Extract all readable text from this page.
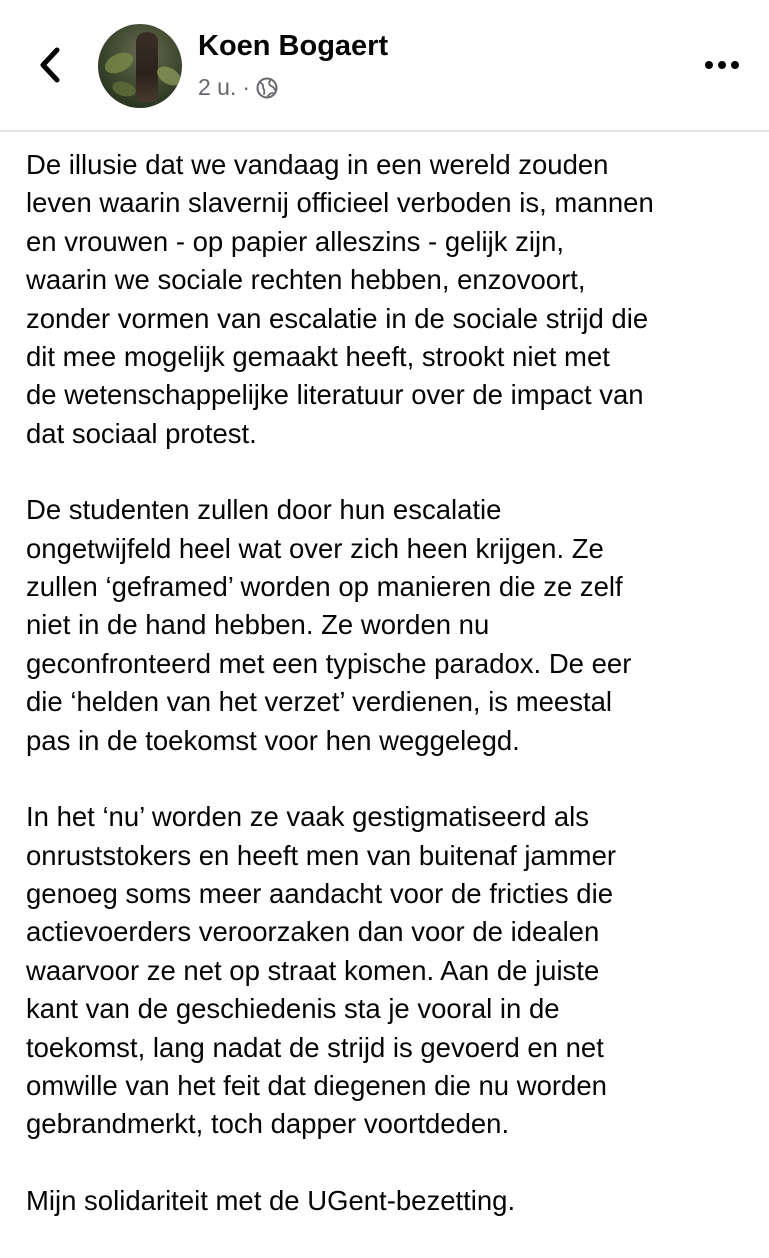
Koen Bogaert
2 u. ·

De illusie dat we vandaag in een wereld zouden
leven waarin slavernij officieel verboden is, mannen
en vrouwen - op papier alleszins - gelijk zijn,
waarin we sociale rechten hebben, enzovoort,
zonder vormen van escalatie in de sociale strijd die
dit mee mogelijk gemaakt heeft, strookt niet met
de wetenschappelijke literatuur over de impact van
dat sociaal protest.

De studenten zullen door hun escalatie
ongetwijfeld heel wat over zich heen krijgen. Ze
zullen ‘geframed’ worden op manieren die ze zelf
niet in de hand hebben. Ze worden nu
geconfronteerd met een typische paradox. De eer
die ‘helden van het verzet’ verdienen, is meestal
pas in de toekomst voor hen weggelegd.

In het ‘nu’ worden ze vaak gestigmatiseerd als
onruststokers en heeft men van buitenaf jammer
genoeg soms meer aandacht voor de fricties die
actievoerders veroorzaken dan voor de idealen
waarvoor ze net op straat komen. Aan de juiste
kant van de geschiedenis sta je vooral in de
toekomst, lang nadat de strijd is gevoerd en net
omwille van het feit dat diegenen die nu worden
gebrandmerkt, toch dapper voortdeden.

Mijn solidariteit met de UGent-bezetting.
